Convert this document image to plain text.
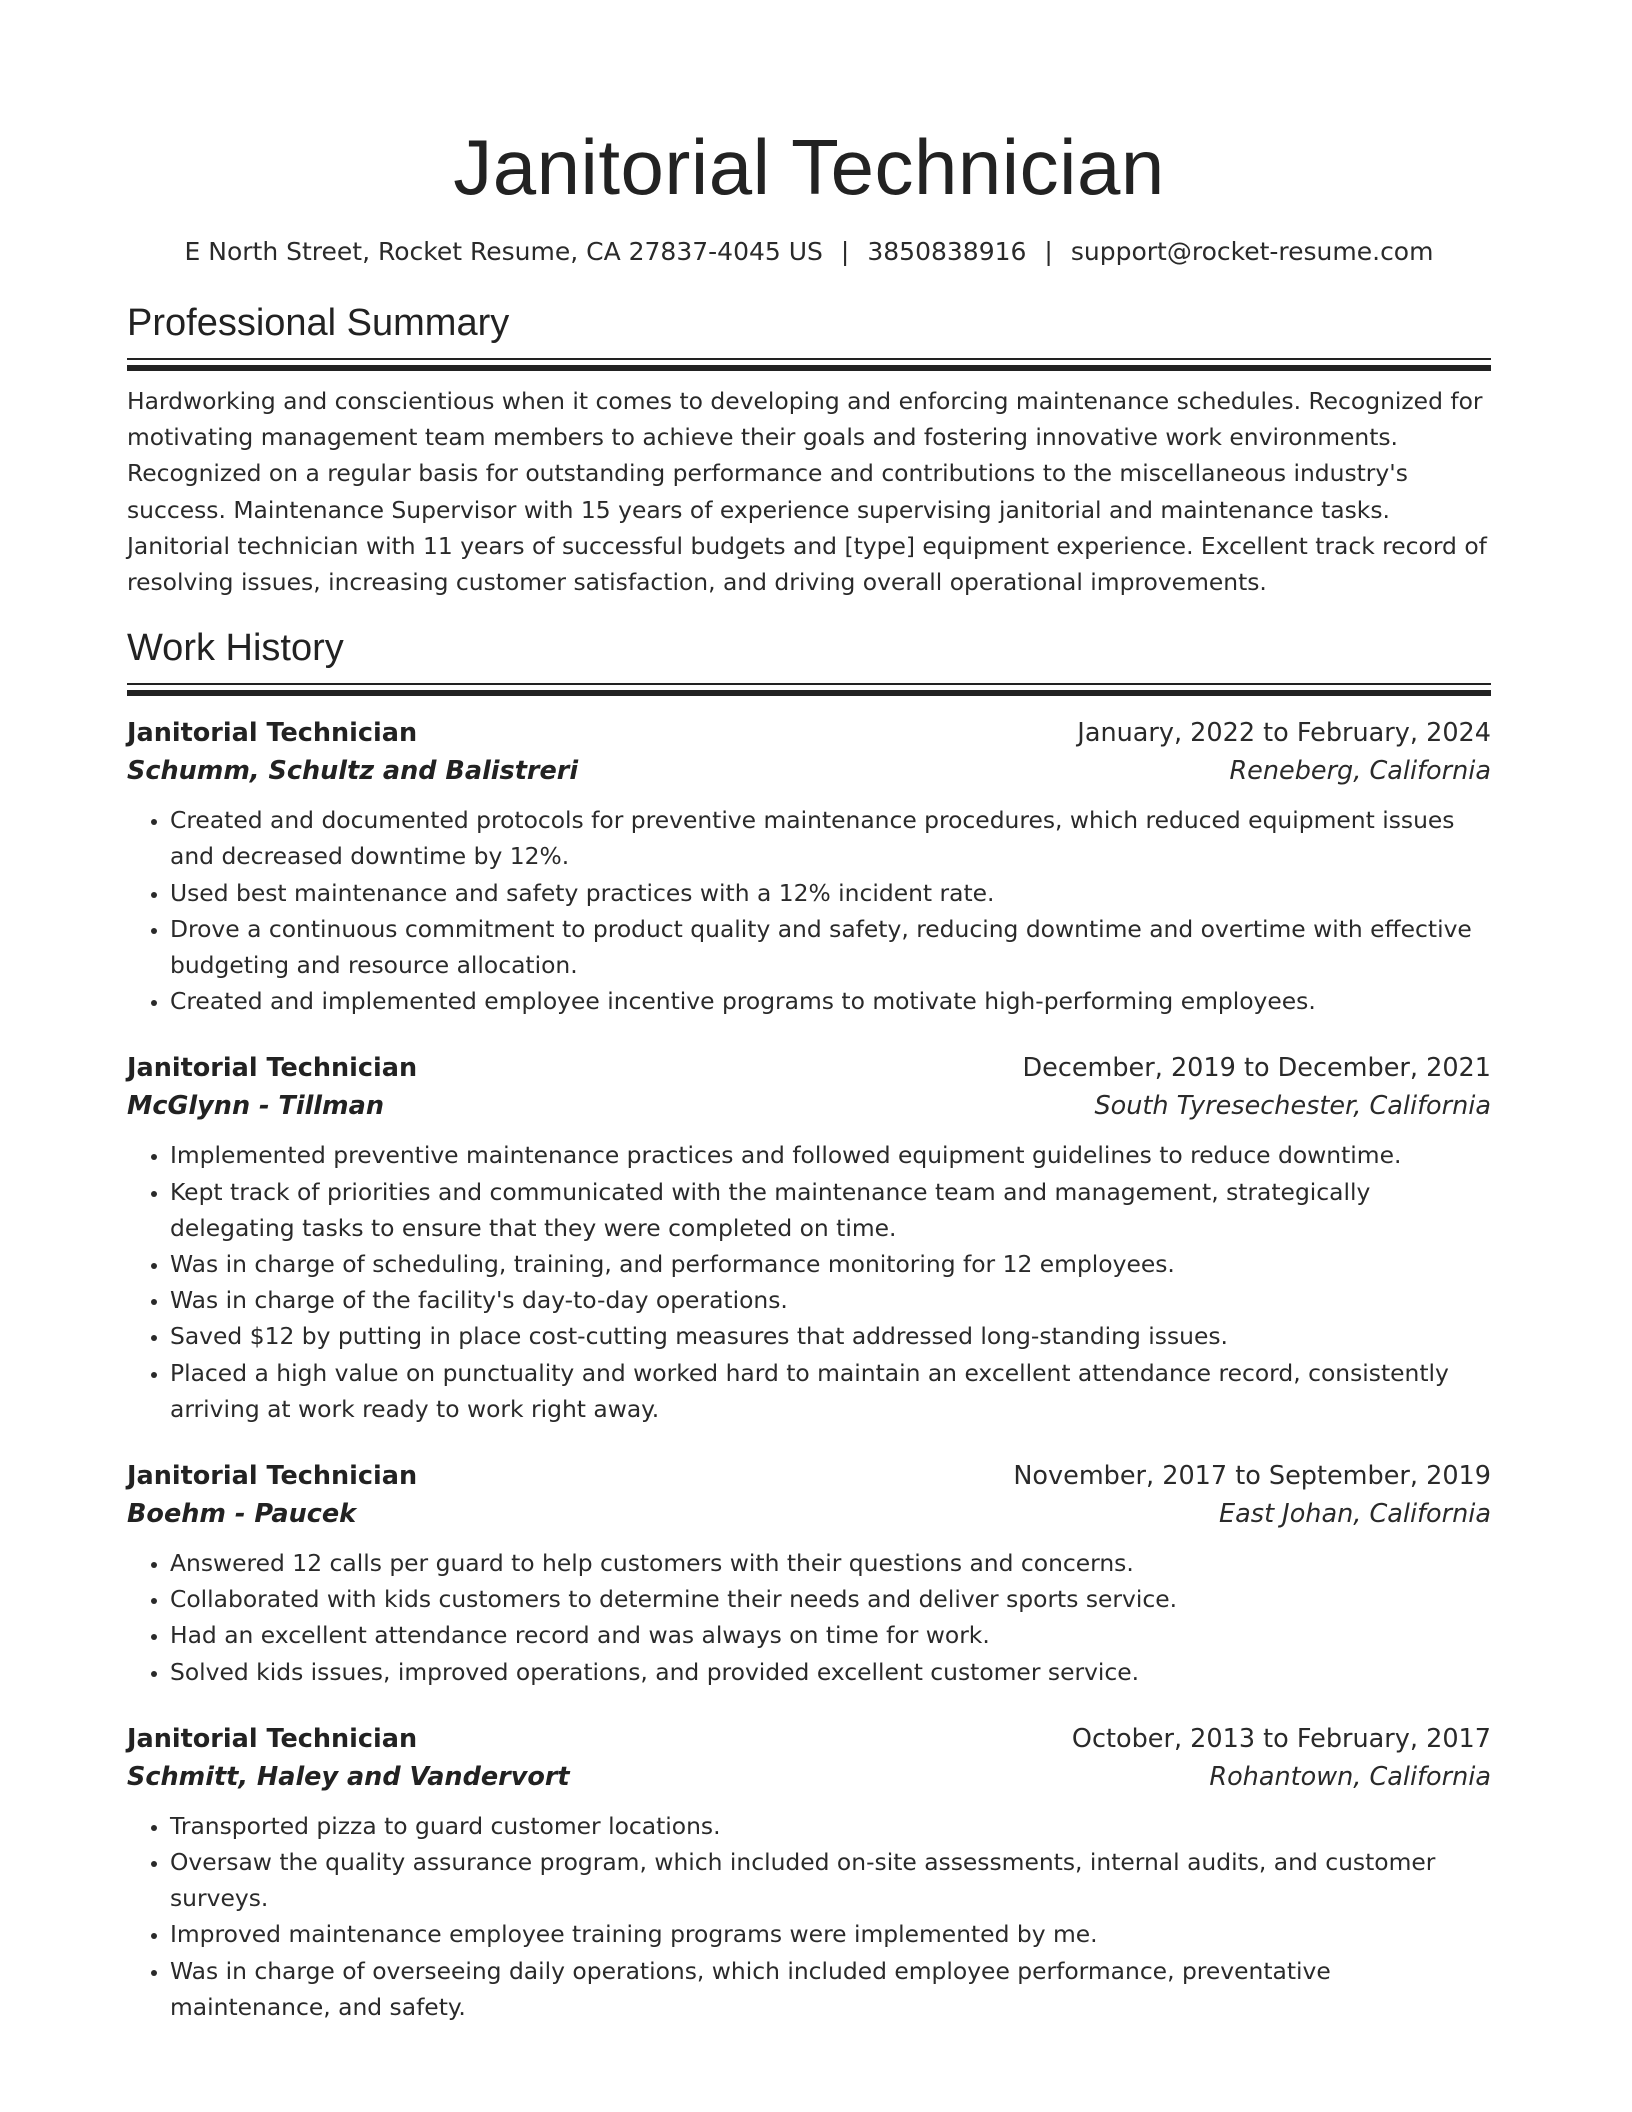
Janitorial Technician
E North Street, Rocket Resume, CA 27837-4045 US | 3850838916 | support@rocket-resume.com
Professional Summary

Hardworking and conscientious when it comes to developing and enforcing maintenance schedules. Recognized for motivating management team members to achieve their goals and fostering innovative work environments. Recognized on a regular basis for outstanding performance and contributions to the miscellaneous industry's success. Maintenance Supervisor with 15 years of experience supervising janitorial and maintenance tasks. Janitorial technician with 11 years of successful budgets and [type] equipment experience. Excellent track record of resolving issues, increasing customer satisfaction, and driving overall operational improvements.

Work History
Janitorial Technician	January, 2022 to February, 2024
Schumm, Schultz and Balistreri	Reneberg, California
• Created and documented protocols for preventive maintenance procedures, which reduced equipment issues and decreased downtime by 12%.
• Used best maintenance and safety practices with a 12% incident rate.
• Drove a continuous commitment to product quality and safety, reducing downtime and overtime with effective budgeting and resource allocation.
• Created and implemented employee incentive programs to motivate high-performing employees.
Janitorial Technician	December, 2019 to December, 2021
McGlynn - Tillman	South Tyresechester, California
• Implemented preventive maintenance practices and followed equipment guidelines to reduce downtime.
• Kept track of priorities and communicated with the maintenance team and management, strategically delegating tasks to ensure that they were completed on time.
• Was in charge of scheduling, training, and performance monitoring for 12 employees.
• Was in charge of the facility's day-to-day operations.
• Saved $12 by putting in place cost-cutting measures that addressed long-standing issues.
• Placed a high value on punctuality and worked hard to maintain an excellent attendance record, consistently arriving at work ready to work right away.
Janitorial Technician	November, 2017 to September, 2019
Boehm - Paucek	East Johan, California
• Answered 12 calls per guard to help customers with their questions and concerns.
• Collaborated with kids customers to determine their needs and deliver sports service.
• Had an excellent attendance record and was always on time for work.
• Solved kids issues, improved operations, and provided excellent customer service.
Janitorial Technician	October, 2013 to February, 2017
Schmitt, Haley and Vandervort	Rohantown, California
• Transported pizza to guard customer locations.
• Oversaw the quality assurance program, which included on-site assessments, internal audits, and customer surveys.
• Improved maintenance employee training programs were implemented by me.
• Was in charge of overseeing daily operations, which included employee performance, preventative maintenance, and safety.
